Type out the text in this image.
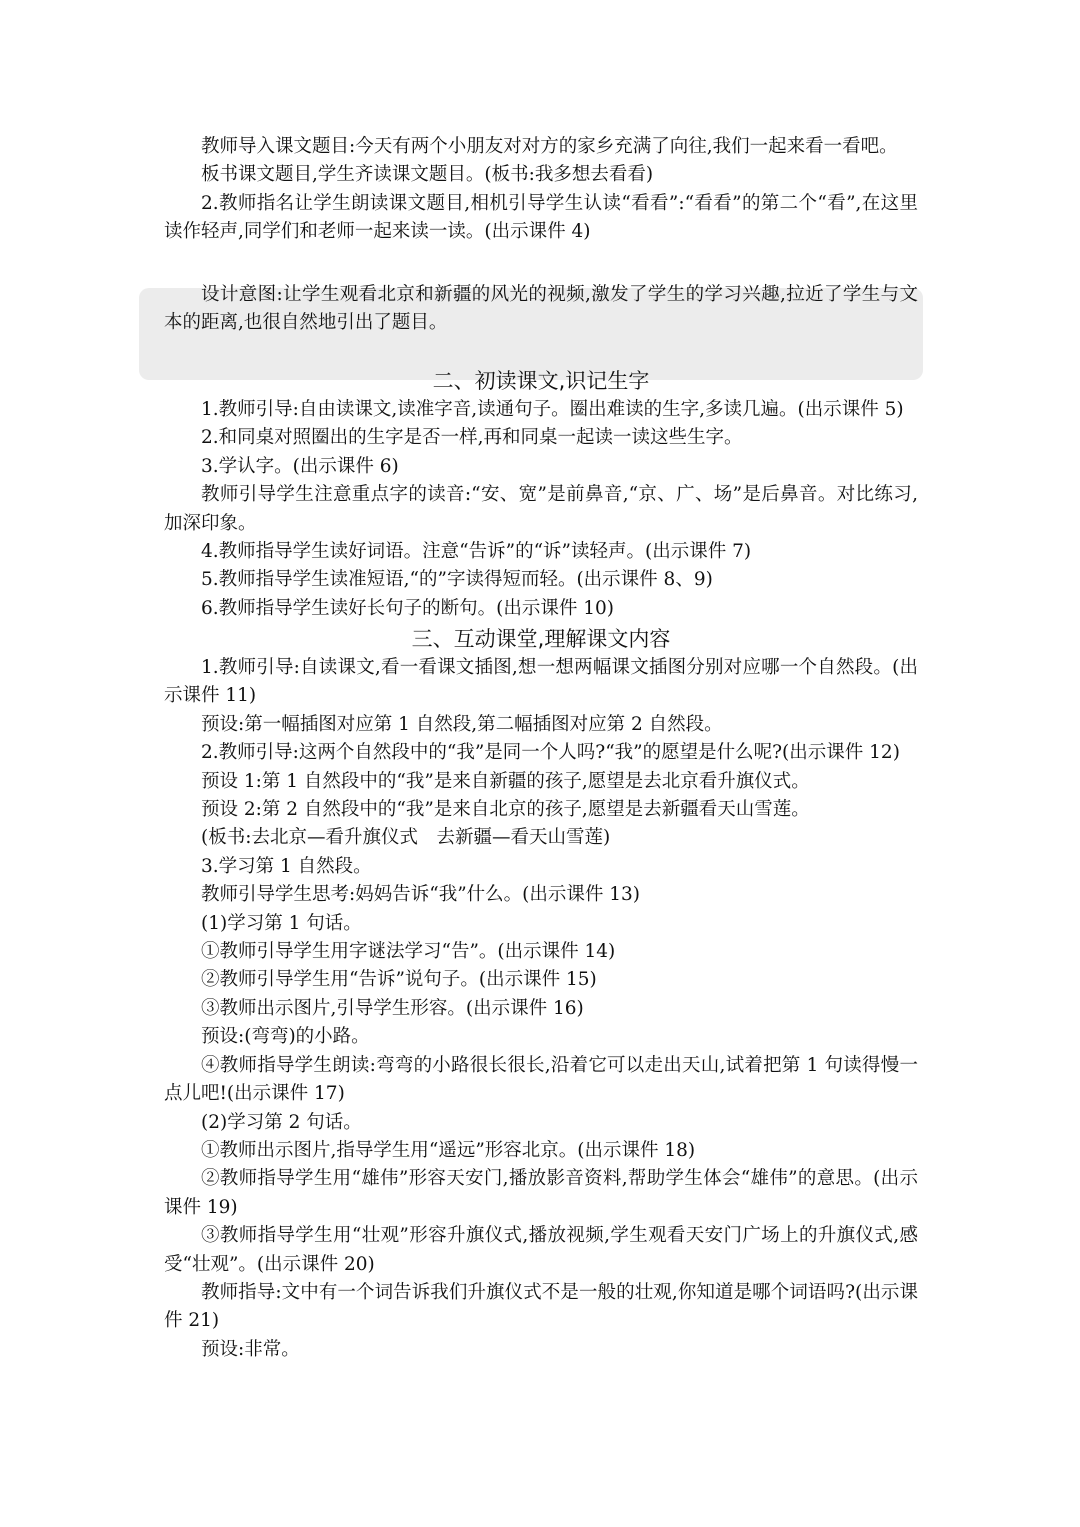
教师导入课文题目:今天有两个小朋友对对方的家乡充满了向往,我们一起来看一看吧。

板书课文题目,学生齐读课文题目。(板书:我多想去看看)

2.教师指名让学生朗读课文题目,相机引导学生认读“看看”:“看看”的第二个“看”,在这里读作轻声,同学们和老师一起来读一读。(出示课件 4)

设计意图:让学生观看北京和新疆的风光的视频,激发了学生的学习兴趣,拉近了学生与文本的距离,也很自然地引出了题目。

二、初读课文,识记生字

1.教师引导:自由读课文,读准字音,读通句子。圈出难读的生字,多读几遍。(出示课件 5)

2.和同桌对照圈出的生字是否一样,再和同桌一起读一读这些生字。

3.学认字。(出示课件 6)

教师引导学生注意重点字的读音:“安、宽”是前鼻音,“京、广、场”是后鼻音。对比练习,加深印象。

4.教师指导学生读好词语。注意“告诉”的“诉”读轻声。(出示课件 7)

5.教师指导学生读准短语,“的”字读得短而轻。(出示课件 8、9)

6.教师指导学生读好长句子的断句。(出示课件 10)

三、互动课堂,理解课文内容

1.教师引导:自读课文,看一看课文插图,想一想两幅课文插图分别对应哪一个自然段。(出示课件 11)

预设:第一幅插图对应第 1 自然段,第二幅插图对应第 2 自然段。

2.教师引导:这两个自然段中的“我”是同一个人吗?“我”的愿望是什么呢?(出示课件 12)

预设 1:第 1 自然段中的“我”是来自新疆的孩子,愿望是去北京看升旗仪式。

预设 2:第 2 自然段中的“我”是来自北京的孩子,愿望是去新疆看天山雪莲。

(板书:去北京—看升旗仪式　去新疆—看天山雪莲)

3.学习第 1 自然段。

教师引导学生思考:妈妈告诉“我”什么。(出示课件 13)

(1)学习第 1 句话。

①教师引导学生用字谜法学习“告”。(出示课件 14)

②教师引导学生用“告诉”说句子。(出示课件 15)

③教师出示图片,引导学生形容。(出示课件 16)

预设:(弯弯)的小路。

④教师指导学生朗读:弯弯的小路很长很长,沿着它可以走出天山,试着把第 1 句读得慢一点儿吧!(出示课件 17)

(2)学习第 2 句话。

①教师出示图片,指导学生用“遥远”形容北京。(出示课件 18)

②教师指导学生用“雄伟”形容天安门,播放影音资料,帮助学生体会“雄伟”的意思。(出示课件 19)

③教师指导学生用“壮观”形容升旗仪式,播放视频,学生观看天安门广场上的升旗仪式,感受“壮观”。(出示课件 20)

教师指导:文中有一个词告诉我们升旗仪式不是一般的壮观,你知道是哪个词语吗?(出示课件 21)

预设:非常。
